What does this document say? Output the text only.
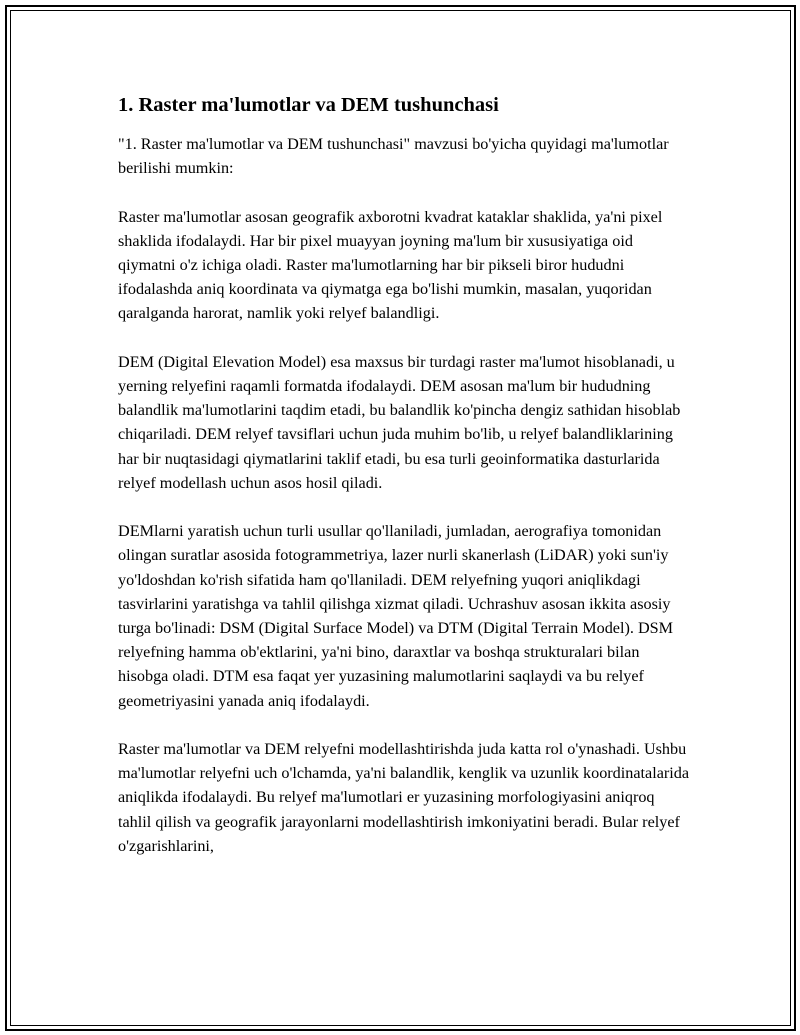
1. Raster ma'lumotlar va DEM tushunchasi

"1. Raster ma'lumotlar va DEM tushunchasi" mavzusi bo'yicha quyidagi ma'lumotlar berilishi mumkin:

Raster ma'lumotlar asosan geografik axborotni kvadrat kataklar shaklida, ya'ni pixel shaklida ifodalaydi. Har bir pixel muayyan joyning ma'lum bir xususiyatiga oid qiymatni o'z ichiga oladi. Raster ma'lumotlarning har bir pikseli biror hududni ifodalashda aniq koordinata va qiymatga ega bo'lishi mumkin, masalan, yuqoridan qaralganda harorat, namlik yoki relyef balandligi.

DEM (Digital Elevation Model) esa maxsus bir turdagi raster ma'lumot hisoblanadi, u yerning relyefini raqamli formatda ifodalaydi. DEM asosan ma'lum bir hududning balandlik ma'lumotlarini taqdim etadi, bu balandlik ko'pincha dengiz sathidan hisoblab chiqariladi. DEM relyef tavsiflari uchun juda muhim bo'lib, u relyef balandliklarining har bir nuqtasidagi qiymatlarini taklif etadi, bu esa turli geoinformatika dasturlarida relyef modellash uchun asos hosil qiladi.

DEMlarni yaratish uchun turli usullar qo'llaniladi, jumladan, aerografiya tomonidan olingan suratlar asosida fotogrammetriya, lazer nurli skanerlash (LiDAR) yoki sun'iy yo'ldoshdan ko'rish sifatida ham qo'llaniladi. DEM relyefning yuqori aniqlikdagi tasvirlarini yaratishga va tahlil qilishga xizmat qiladi. Uchrashuv asosan ikkita asosiy turga bo'linadi: DSM (Digital Surface Model) va DTM (Digital Terrain Model). DSM relyefning hamma ob'ektlarini, ya'ni bino, daraxtlar va boshqa strukturalari bilan hisobga oladi. DTM esa faqat yer yuzasining malumotlarini saqlaydi va bu relyef geometriyasini yanada aniq ifodalaydi.

Raster ma'lumotlar va DEM relyefni modellashtirishda juda katta rol o'ynashadi. Ushbu ma'lumotlar relyefni uch o'lchamda, ya'ni balandlik, kenglik va uzunlik koordinatalarida aniqlikda ifodalaydi. Bu relyef ma'lumotlari er yuzasining morfologiyasini aniqroq tahlil qilish va geografik jarayonlarni modellashtirish imkoniyatini beradi. Bular relyef o'zgarishlarini,
